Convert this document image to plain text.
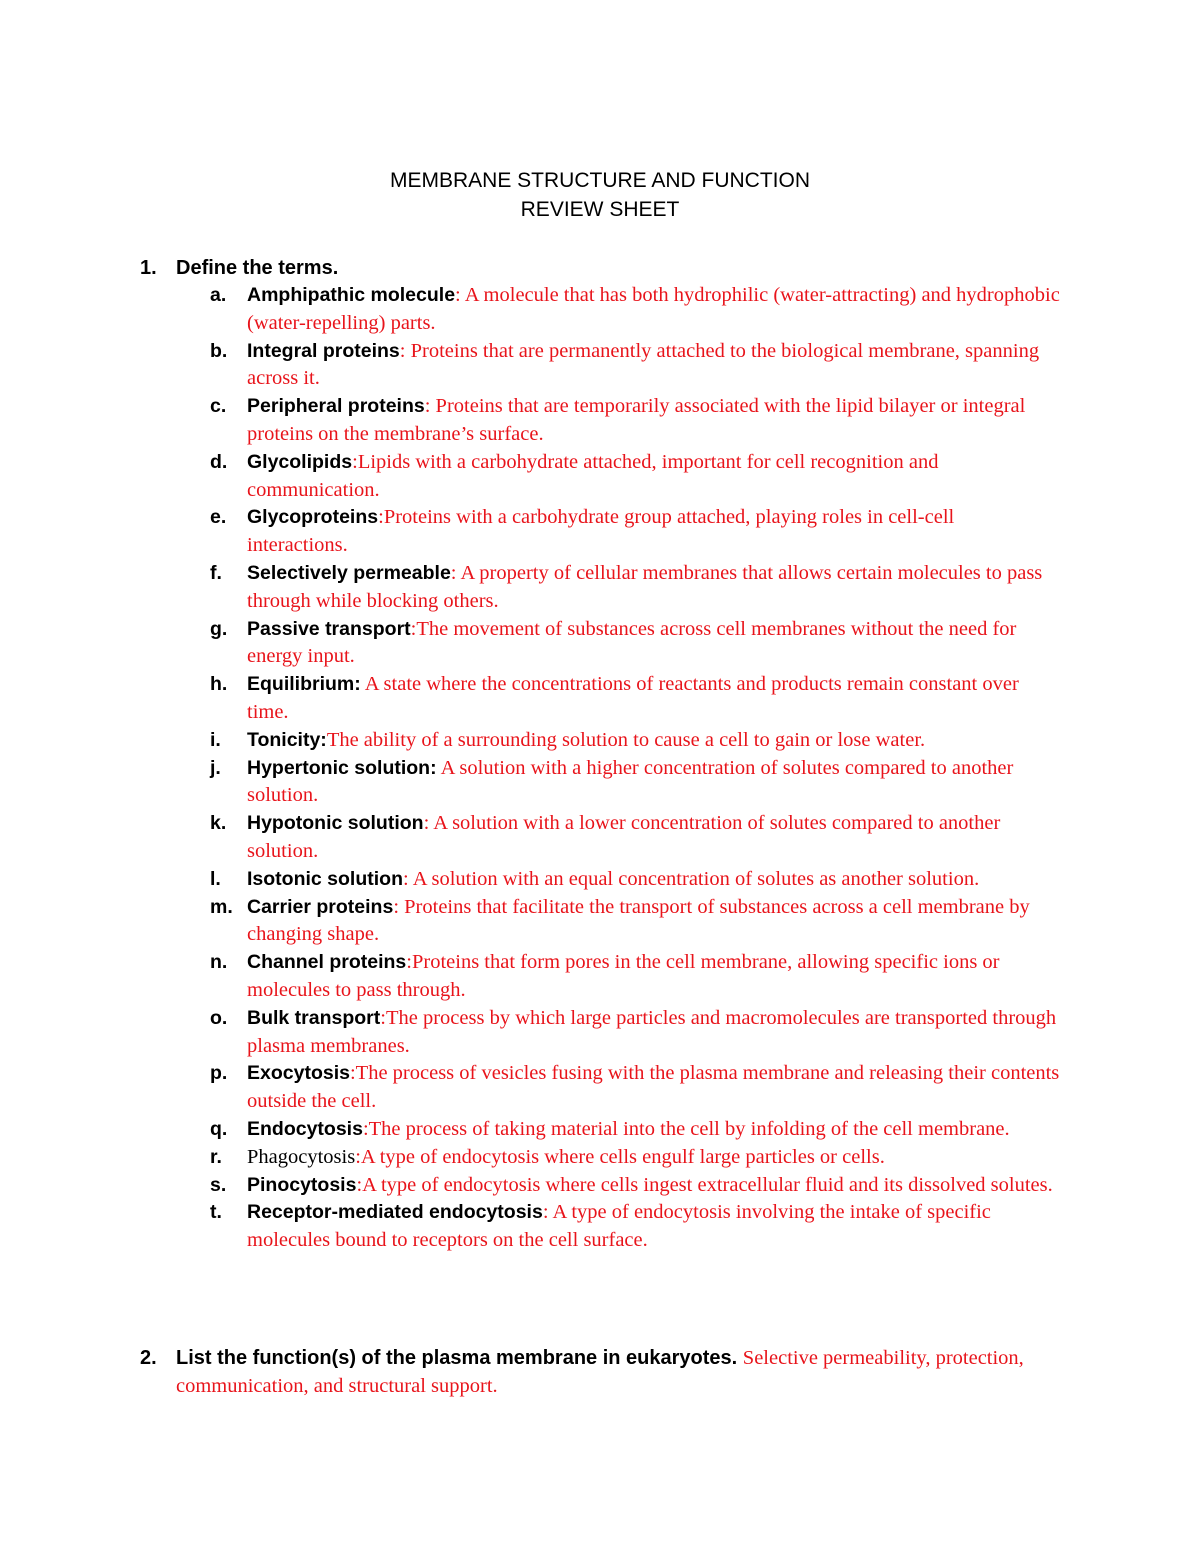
MEMBRANE STRUCTURE AND FUNCTION
REVIEW SHEET
1. Define the terms.
a. Amphipathic molecule: A molecule that has both hydrophilic (water-attracting) and hydrophobic (water-repelling) parts.
b. Integral proteins: Proteins that are permanently attached to the biological membrane, spanning across it.
c. Peripheral proteins: Proteins that are temporarily associated with the lipid bilayer or integral proteins on the membrane’s surface.
d. Glycolipids:Lipids with a carbohydrate attached, important for cell recognition and communication.
e. Glycoproteins:Proteins with a carbohydrate group attached, playing roles in cell-cell interactions.
f. Selectively permeable: A property of cellular membranes that allows certain molecules to pass through while blocking others.
g. Passive transport:The movement of substances across cell membranes without the need for energy input.
h. Equilibrium: A state where the concentrations of reactants and products remain constant over time.
i. Tonicity:The ability of a surrounding solution to cause a cell to gain or lose water.
j. Hypertonic solution: A solution with a higher concentration of solutes compared to another solution.
k. Hypotonic solution: A solution with a lower concentration of solutes compared to another solution.
l. Isotonic solution: A solution with an equal concentration of solutes as another solution.
m. Carrier proteins: Proteins that facilitate the transport of substances across a cell membrane by changing shape.
n. Channel proteins:Proteins that form pores in the cell membrane, allowing specific ions or molecules to pass through.
o. Bulk transport:The process by which large particles and macromolecules are transported through plasma membranes.
p. Exocytosis:The process of vesicles fusing with the plasma membrane and releasing their contents outside the cell.
q. Endocytosis:The process of taking material into the cell by infolding of the cell membrane.
r. Phagocytosis:A type of endocytosis where cells engulf large particles or cells.
s. Pinocytosis:A type of endocytosis where cells ingest extracellular fluid and its dissolved solutes.
t. Receptor-mediated endocytosis: A type of endocytosis involving the intake of specific molecules bound to receptors on the cell surface.
2. List the function(s) of the plasma membrane in eukaryotes. Selective permeability, protection, communication, and structural support.
